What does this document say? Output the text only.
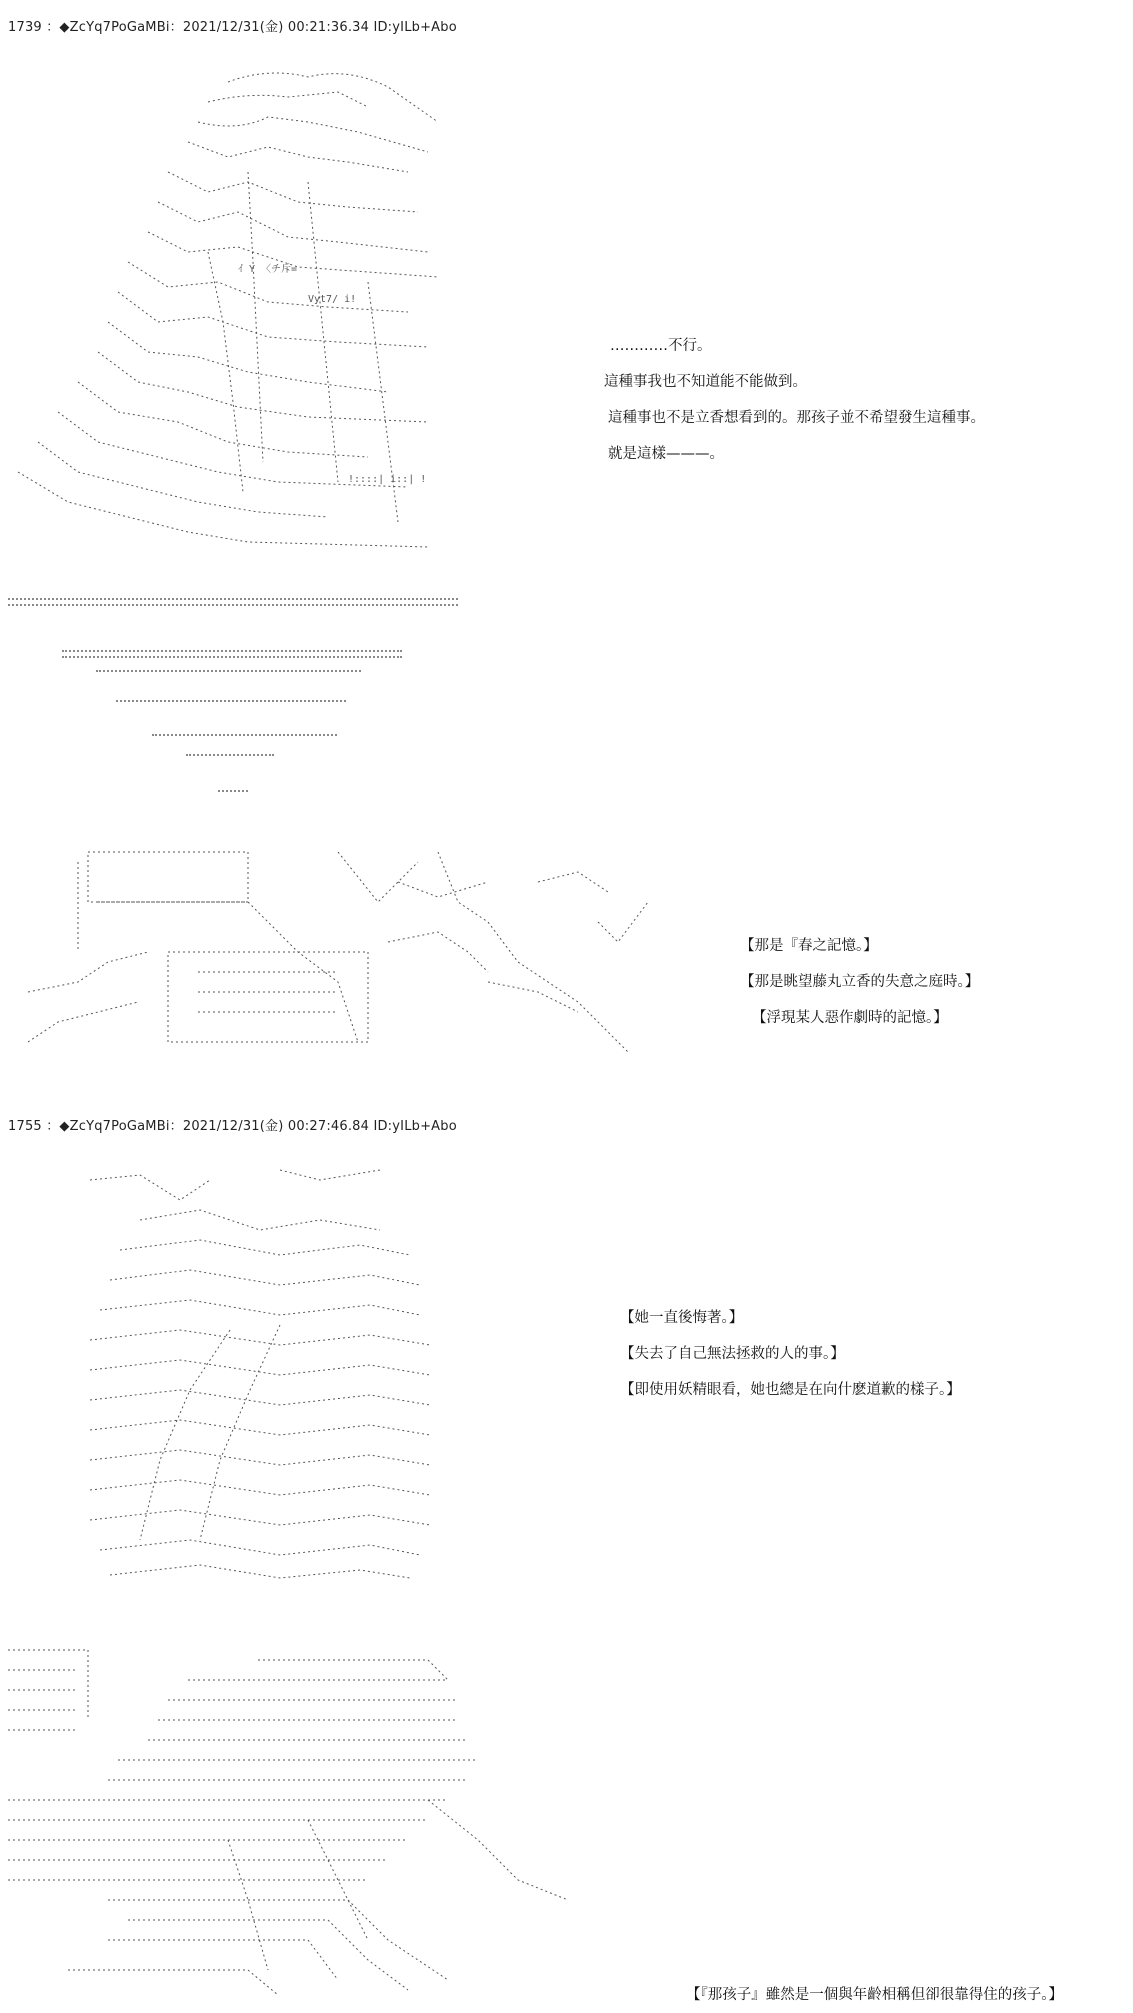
1739 ：◆ZcYq7PoGaMBi：2021/12/31(金) 00:21:36.34 ID:yILb+Abo
ｲ Y 〈チ斥=
Vyt7/ i!
!::::| i::| !
…………不行。
這種事我也不知道能不能做到。
這種事也不是立香想看到的。那孩子並不希望發生這種事。
就是這樣———。
【那是『春之記憶。】
【那是眺望藤丸立香的失意之庭時。】
【浮現某人惡作劇時的記憶。】
1755 ：◆ZcYq7PoGaMBi：2021/12/31(金) 00:27:46.84 ID:yILb+Abo
【她一直後悔著。】
【失去了自己無法拯救的人的事。】
【即使用妖精眼看，她也總是在向什麽道歉的樣子。】
【『那孩子』雖然是一個與年齡相稱但卻很靠得住的孩子。】
